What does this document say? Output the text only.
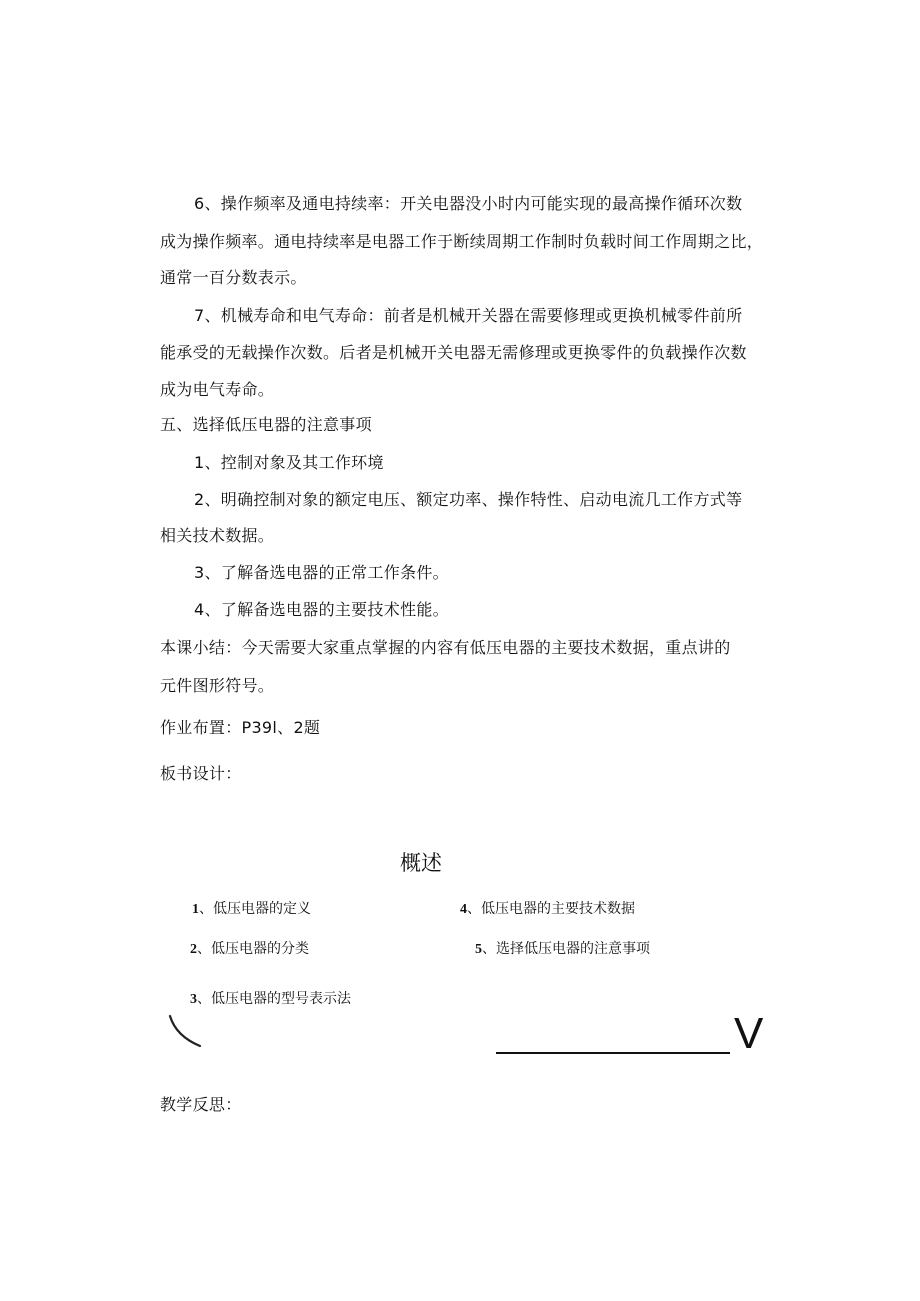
6、操作频率及通电持续率：开关电器没小时内可能实现的最高操作循环次数
成为操作频率。通电持续率是电器工作于断续周期工作制时负载时间工作周期之比，
通常一百分数表示。
7、机械寿命和电气寿命：前者是机械开关器在需要修理或更换机械零件前所
能承受的无载操作次数。后者是机械开关电器无需修理或更换零件的负载操作次数
成为电气寿命。
五、选择低压电器的注意事项
1、控制对象及其工作环境
2、明确控制对象的额定电压、额定功率、操作特性、启动电流几工作方式等
相关技术数据。
3、了解备选电器的正常工作条件。
4、了解备选电器的主要技术性能。
本课小结：今天需要大家重点掌握的内容有低压电器的主要技术数据，重点讲的
元件图形符号。
作业布置：P39l、2题
板书设计：
概述
1、低压电器的定义	4、低压电器的主要技术数据
2、低压电器的分类	5、选择低压电器的注意事项
3、低压电器的型号表示法
V
教学反思：
